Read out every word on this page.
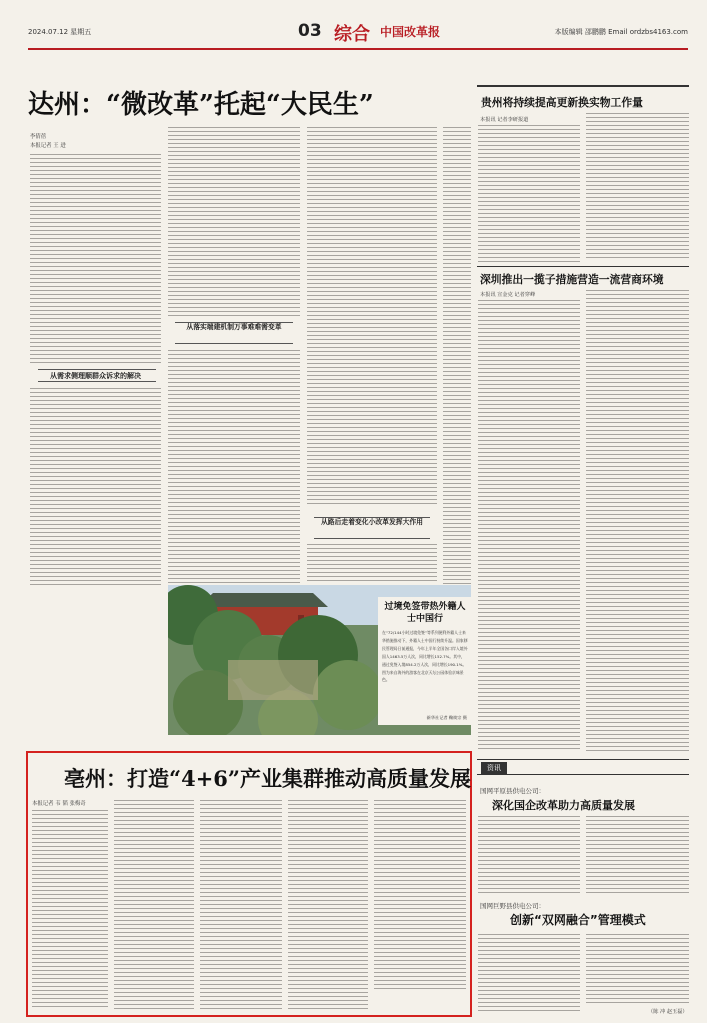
2024.07.12 星期五	03 综合 中国改革报	本版编辑 邵鹏鹏 Email ordzbs4163.com
达州：“微改革”托起“大民生”
李倩蓓
本报记者 王 进
从需求侧理顺群众诉求的解决
从落实端建机制万事难难需变革
从路后走着变化小改革发挥大作用
过境免签带热外籍人士中国行
在“72/144小时过境免签”等系列便利外籍人士来华措施推动下，外籍人士中国行持续升温。国家移民管理局日前通报，今年上半年全国各口岸入境外国人1463.5万人次，同比增长152.7%。其中，通过免签入境854.2万人次，同比增长190.1%。图为来自海外的游客在北京天坛公园体验京味景色。
新华社记者 鞠焕宗 摄
贵州将持续提高更新换实物工作量
本报讯 记者李研报道
深圳推出一揽子措施营造一流营商环境
本报讯 宣金克 记者穿峰
资讯
国网平原县供电公司：
深化国企改革助力高质量发展
国网巨野县供电公司：
创新“双网融合”管理模式
（陈 冲 赵玉磊）
亳州：打造“4+6”产业集群推动高质量发展
本报记者 韦 韬 张梅奇
